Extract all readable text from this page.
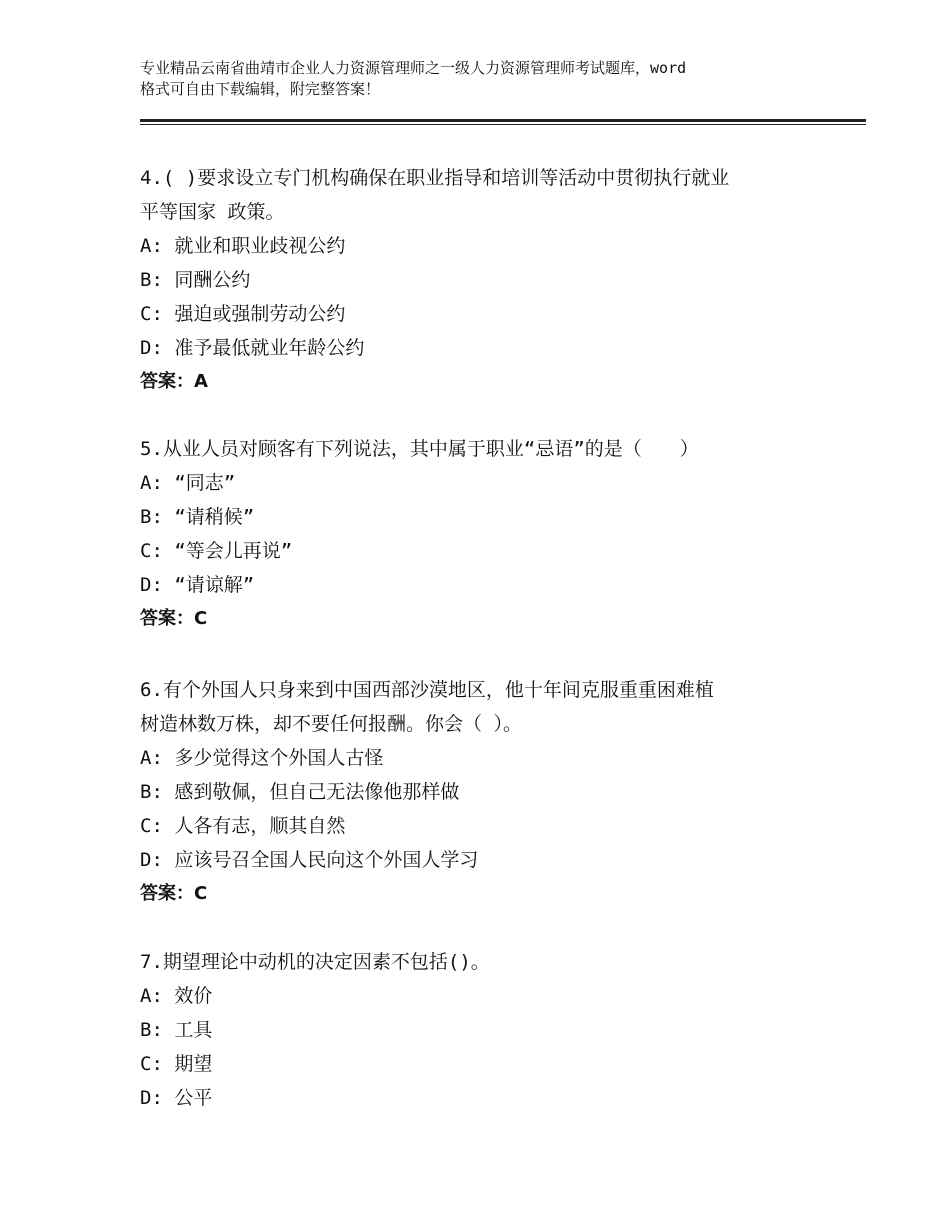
专业精品云南省曲靖市企业人力资源管理师之一级人力资源管理师考试题库，word
格式可自由下载编辑，附完整答案！

4.( )要求设立专门机构确保在职业指导和培训等活动中贯彻执行就业

平等国家 政策。

A: 就业和职业歧视公约

B: 同酬公约

C: 强迫或强制劳动公约

D: 准予最低就业年龄公约

答案：A

5.从业人员对顾客有下列说法，其中属于职业“忌语”的是（　　）

A: “同志”

B: “请稍候”

C: “等会儿再说”

D: “请谅解”

答案：C

6.有个外国人只身来到中国西部沙漠地区，他十年间克服重重困难植

树造林数万株，却不要任何报酬。你会（ ）。

A: 多少觉得这个外国人古怪

B: 感到敬佩，但自己无法像他那样做

C: 人各有志，顺其自然

D: 应该号召全国人民向这个外国人学习

答案：C

7.期望理论中动机的决定因素不包括()。

A: 效价

B: 工具

C: 期望

D: 公平
